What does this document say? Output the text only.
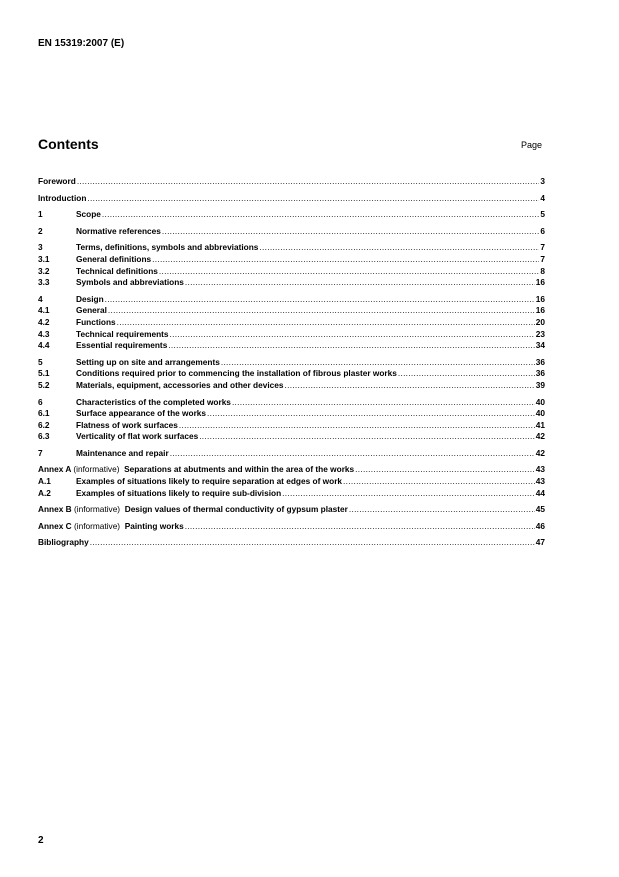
EN 15319:2007 (E)
Contents	Page
Foreword .....	3
Introduction .....	4
1	Scope .....	5
2	Normative references .....	6
3	Terms, definitions, symbols and abbreviations .....	7
3.1	General definitions .....	7
3.2	Technical definitions .....	8
3.3	Symbols and abbreviations .....	16
4	Design .....	16
4.1	General .....	16
4.2	Functions .....	20
4.3	Technical requirements .....	23
4.4	Essential requirements .....	34
5	Setting up on site and arrangements .....	36
5.1	Conditions required prior to commencing the installation of fibrous plaster works .....	36
5.2	Materials, equipment, accessories and other devices .....	39
6	Characteristics of the completed works .....	40
6.1	Surface appearance of the works .....	40
6.2	Flatness of work surfaces .....	41
6.3	Verticality of flat work surfaces .....	42
7	Maintenance and repair .....	42
Annex A (informative) Separations at abutments and within the area of the works .....	43
A.1	Examples of situations likely to require separation at edges of work .....	43
A.2	Examples of situations likely to require sub-division .....	44
Annex B (informative) Design values of thermal conductivity of gypsum plaster .....	45
Annex C (informative) Painting works .....	46
Bibliography .....	47
2
